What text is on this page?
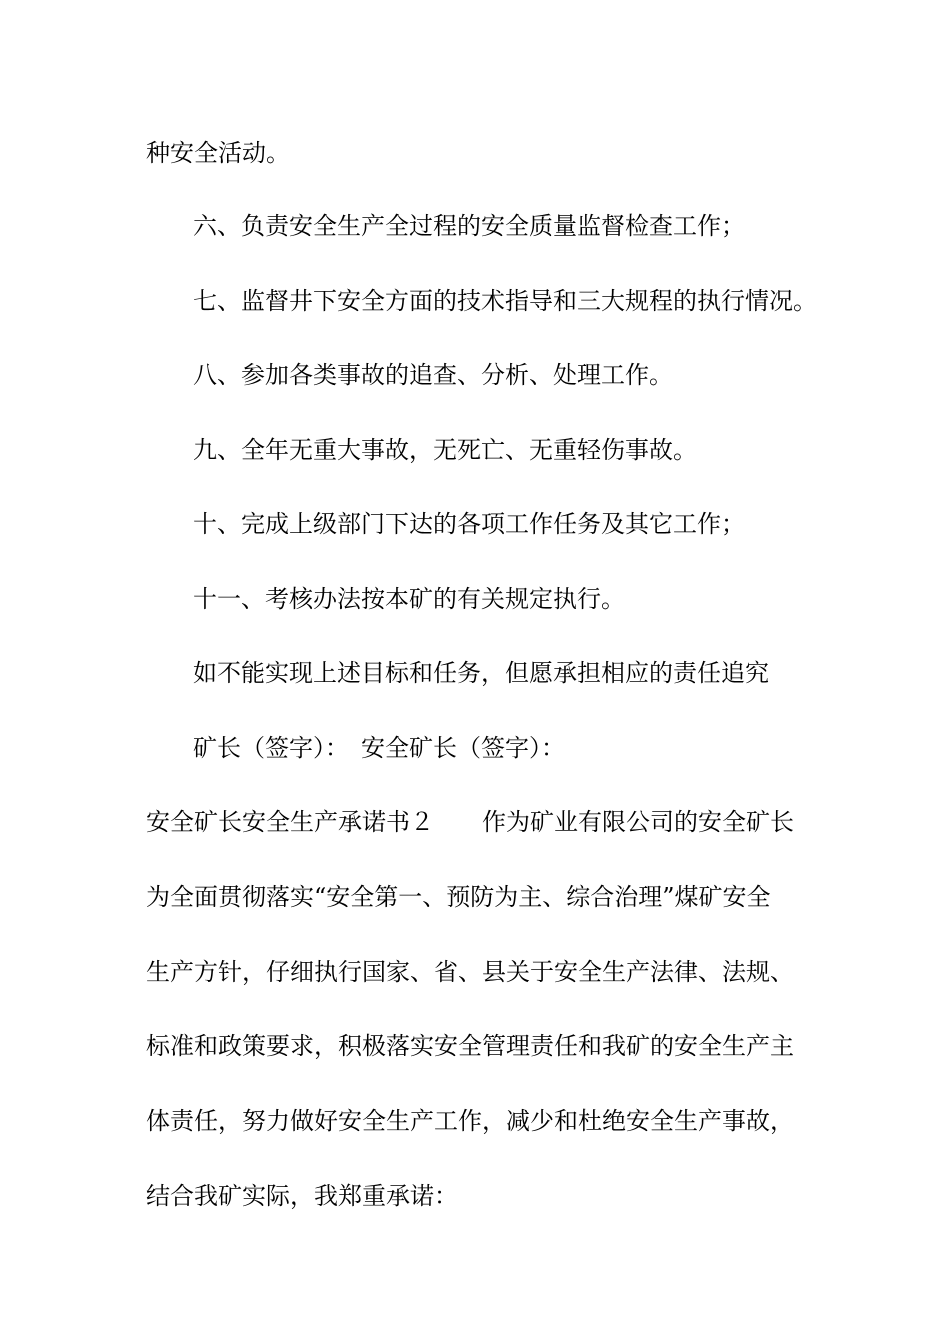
种安全活动。
六、负责安全生产全过程的安全质量监督检查工作；
七、监督井下安全方面的技术指导和三大规程的执行情况。
八、参加各类事故的追查、分析、处理工作。
九、全年无重大事故，无死亡、无重轻伤事故。
十、完成上级部门下达的各项工作任务及其它工作；
十一、考核办法按本矿的有关规定执行。
如不能实现上述目标和任务，但愿承担相应的责任追究
矿长（签字）：　安全矿长（签字）：
安全矿长安全生产承诺书２　　作为矿业有限公司的安全矿长
为全面贯彻落实“安全第一、预防为主、综合治理”煤矿安全
生产方针，仔细执行国家、省、县关于安全生产法律、法规、
标准和政策要求，积极落实安全管理责任和我矿的安全生产主
体责任，努力做好安全生产工作，减少和杜绝安全生产事故，
结合我矿实际，我郑重承诺：
